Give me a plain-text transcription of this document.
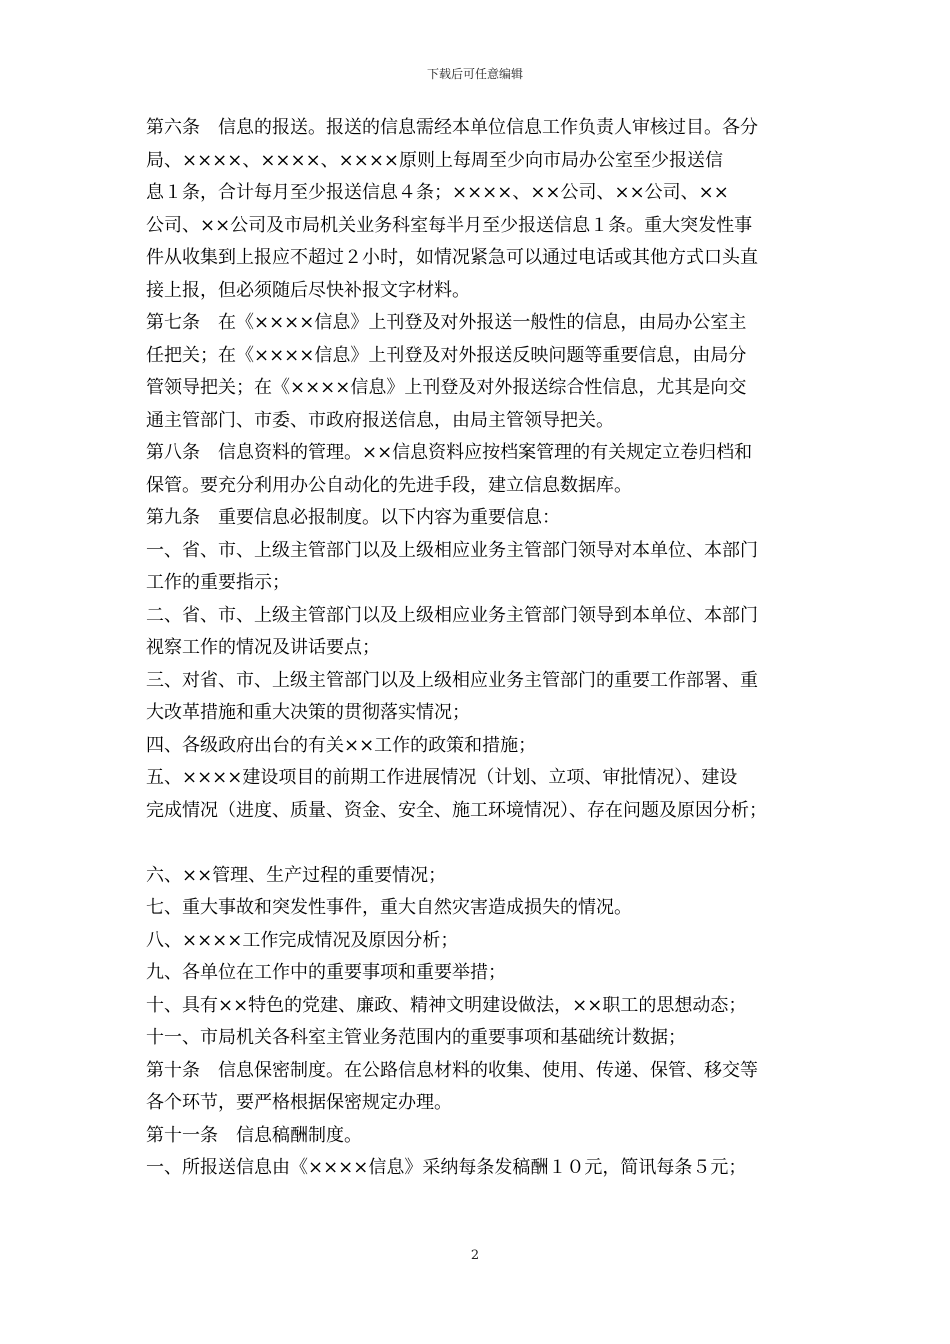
下载后可任意编辑
第六条　信息的报送。报送的信息需经本单位信息工作负责人审核过目。各分
局、××××、××××、××××原则上每周至少向市局办公室至少报送信
息１条，合计每月至少报送信息４条；××××、××公司、××公司、××
公司、××公司及市局机关业务科室每半月至少报送信息１条。重大突发性事
件从收集到上报应不超过２小时，如情况紧急可以通过电话或其他方式口头直
接上报，但必须随后尽快补报文字材料。
第七条　在《××××信息》上刊登及对外报送一般性的信息，由局办公室主
任把关；在《××××信息》上刊登及对外报送反映问题等重要信息，由局分
管领导把关；在《××××信息》上刊登及对外报送综合性信息，尤其是向交
通主管部门、市委、市政府报送信息，由局主管领导把关。
第八条　信息资料的管理。××信息资料应按档案管理的有关规定立卷归档和
保管。要充分利用办公自动化的先进手段，建立信息数据库。
第九条　重要信息必报制度。以下内容为重要信息：
一、省、市、上级主管部门以及上级相应业务主管部门领导对本单位、本部门
工作的重要指示；
二、省、市、上级主管部门以及上级相应业务主管部门领导到本单位、本部门
视察工作的情况及讲话要点；
三、对省、市、上级主管部门以及上级相应业务主管部门的重要工作部署、重
大改革措施和重大决策的贯彻落实情况；
四、各级政府出台的有关××工作的政策和措施；
五、××××建设项目的前期工作进展情况（计划、立项、审批情况）、建设
完成情况（进度、质量、资金、安全、施工环境情况）、存在问题及原因分析；
六、××管理、生产过程的重要情况；
七、重大事故和突发性事件，重大自然灾害造成损失的情况。
八、××××工作完成情况及原因分析；
九、各单位在工作中的重要事项和重要举措；
十、具有××特色的党建、廉政、精神文明建设做法，××职工的思想动态；
十一、市局机关各科室主管业务范围内的重要事项和基础统计数据；
第十条　信息保密制度。在公路信息材料的收集、使用、传递、保管、移交等
各个环节，要严格根据保密规定办理。
第十一条　信息稿酬制度。
一、所报送信息由《××××信息》采纳每条发稿酬１０元，简讯每条５元；
2
